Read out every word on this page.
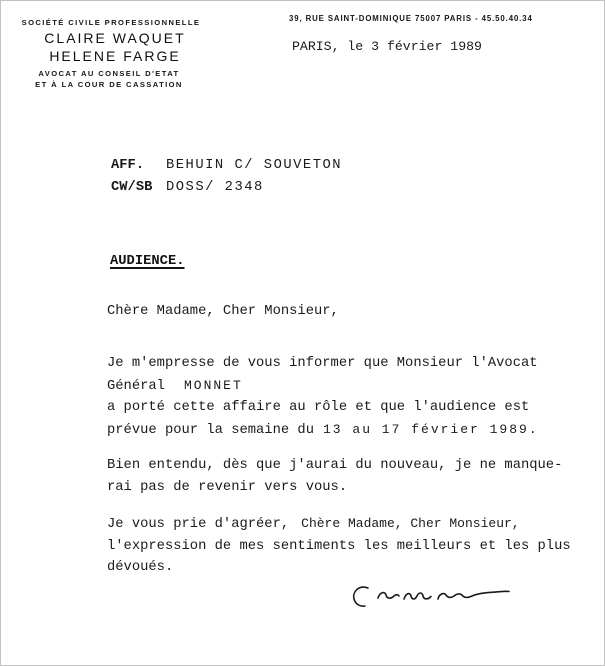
SOCIÉTÉ CIVILE PROFESSIONNELLE
CLAIRE WAQUET
HELENE FARGE
AVOCAT AU CONSEIL D'ETAT
ET À LA COUR DE CASSATION
39, RUE SAINT-DOMINIQUE 75007 PARIS - 45.50.40.34
PARIS, le 3 février 1989
AFF. BEHUIN C/ SOUVETON
CW/SB DOSS/ 2348
AUDIENCE.
Chère Madame, Cher Monsieur,
Je m'empresse de vous informer que Monsieur l'Avocat
Général MONNET
a porté cette affaire au rôle et que l'audience est
prévue pour la semaine du 13 au 17 février 1989.
Bien entendu, dès que j'aurai du nouveau, je ne manque-
rai pas de revenir vers vous.
Je vous prie d'agréer, Chère Madame, Cher Monsieur,
l'expression de mes sentiments les meilleurs et les plus
dévoués.
